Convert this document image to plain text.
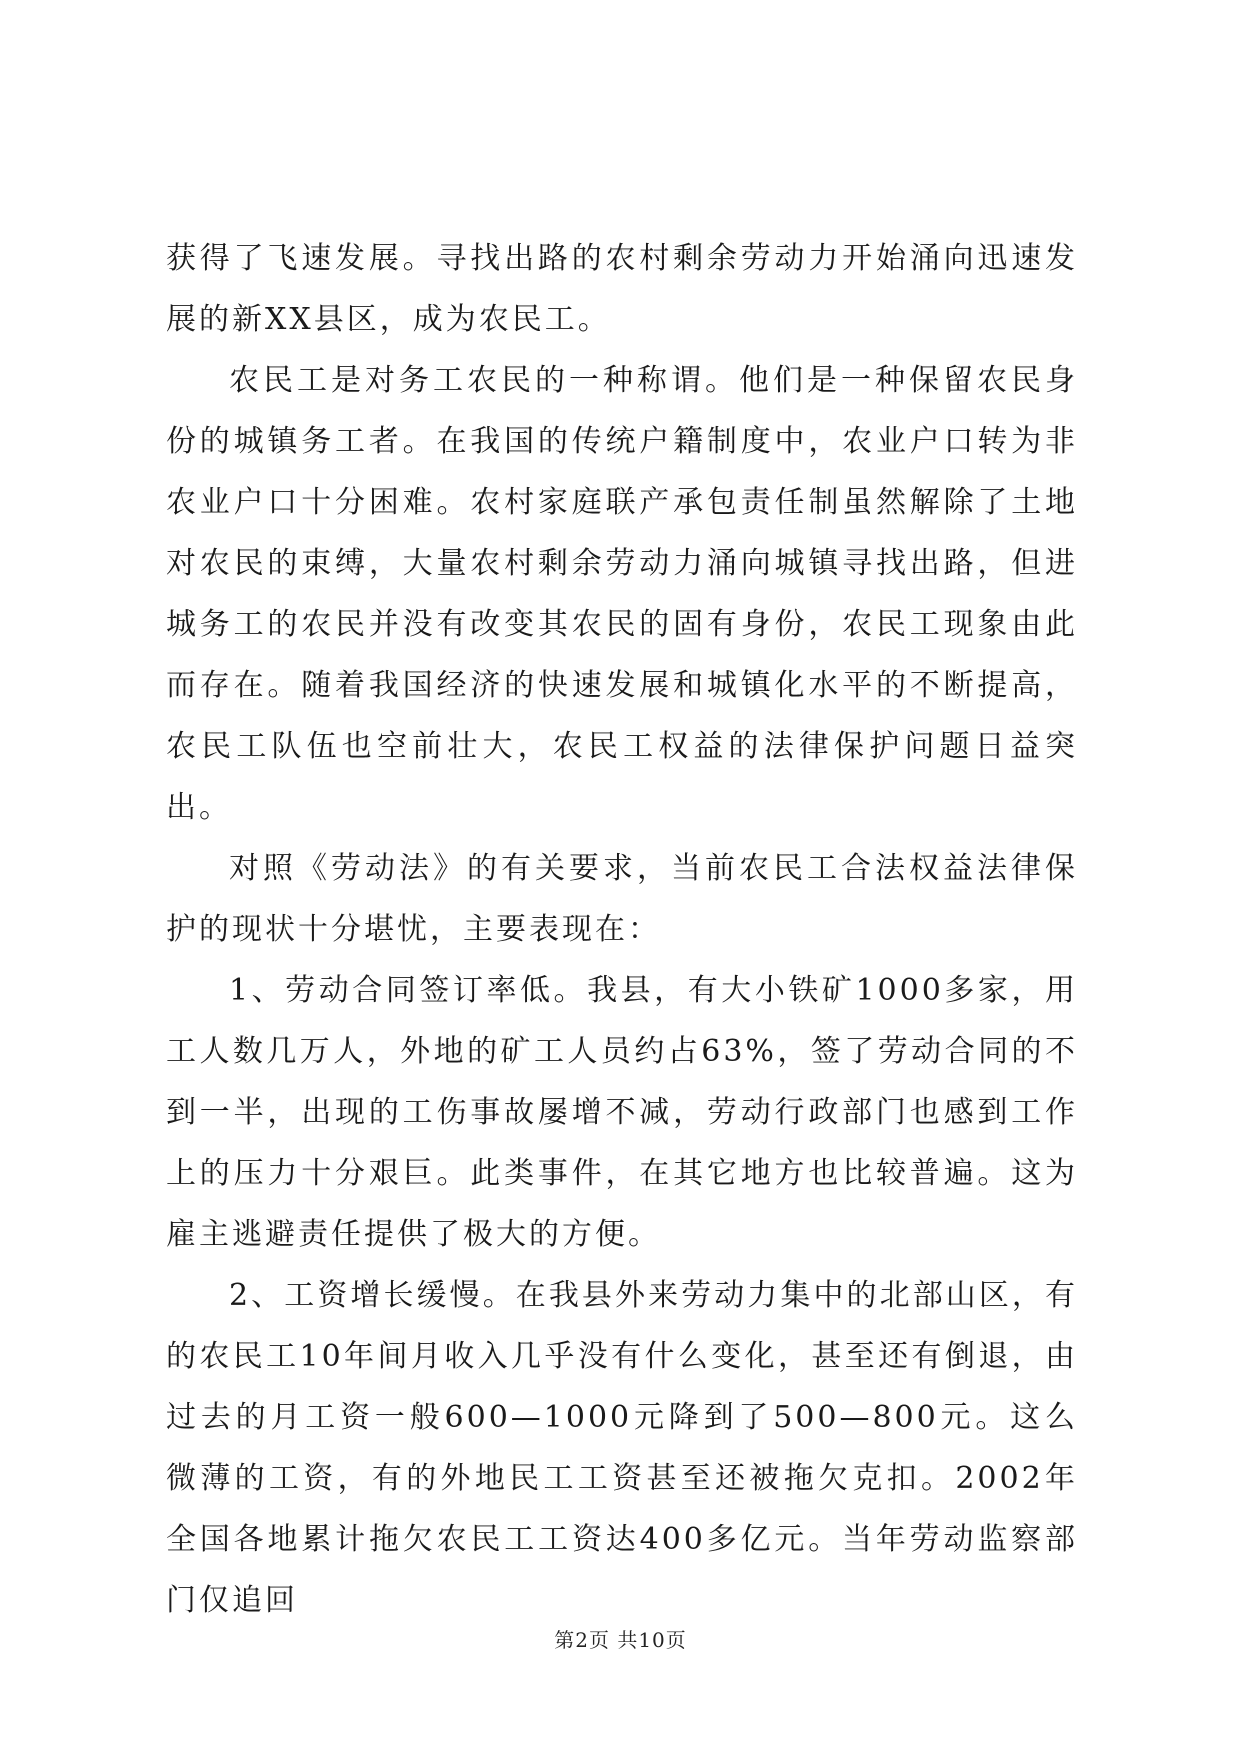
获得了飞速发展。寻找出路的农村剩余劳动力开始涌向迅速发展的新XX县区，成为农民工。

农民工是对务工农民的一种称谓。他们是一种保留农民身份的城镇务工者。在我国的传统户籍制度中，农业户口转为非农业户口十分困难。农村家庭联产承包责任制虽然解除了土地对农民的束缚，大量农村剩余劳动力涌向城镇寻找出路，但进城务工的农民并没有改变其农民的固有身份，农民工现象由此而存在。随着我国经济的快速发展和城镇化水平的不断提高，农民工队伍也空前壮大，农民工权益的法律保护问题日益突出。

对照《劳动法》的有关要求，当前农民工合法权益法律保护的现状十分堪忧，主要表现在：

1、劳动合同签订率低。我县，有大小铁矿1000多家，用工人数几万人，外地的矿工人员约占63%，签了劳动合同的不到一半，出现的工伤事故屡增不减，劳动行政部门也感到工作上的压力十分艰巨。此类事件，在其它地方也比较普遍。这为雇主逃避责任提供了极大的方便。

2、工资增长缓慢。在我县外来劳动力集中的北部山区，有的农民工10年间月收入几乎没有什么变化，甚至还有倒退，由过去的月工资一般600—1000元降到了500—800元。这么微薄的工资，有的外地民工工资甚至还被拖欠克扣。2002年全国各地累计拖欠农民工工资达400多亿元。当年劳动监察部门仅追回

第2页 共10页
